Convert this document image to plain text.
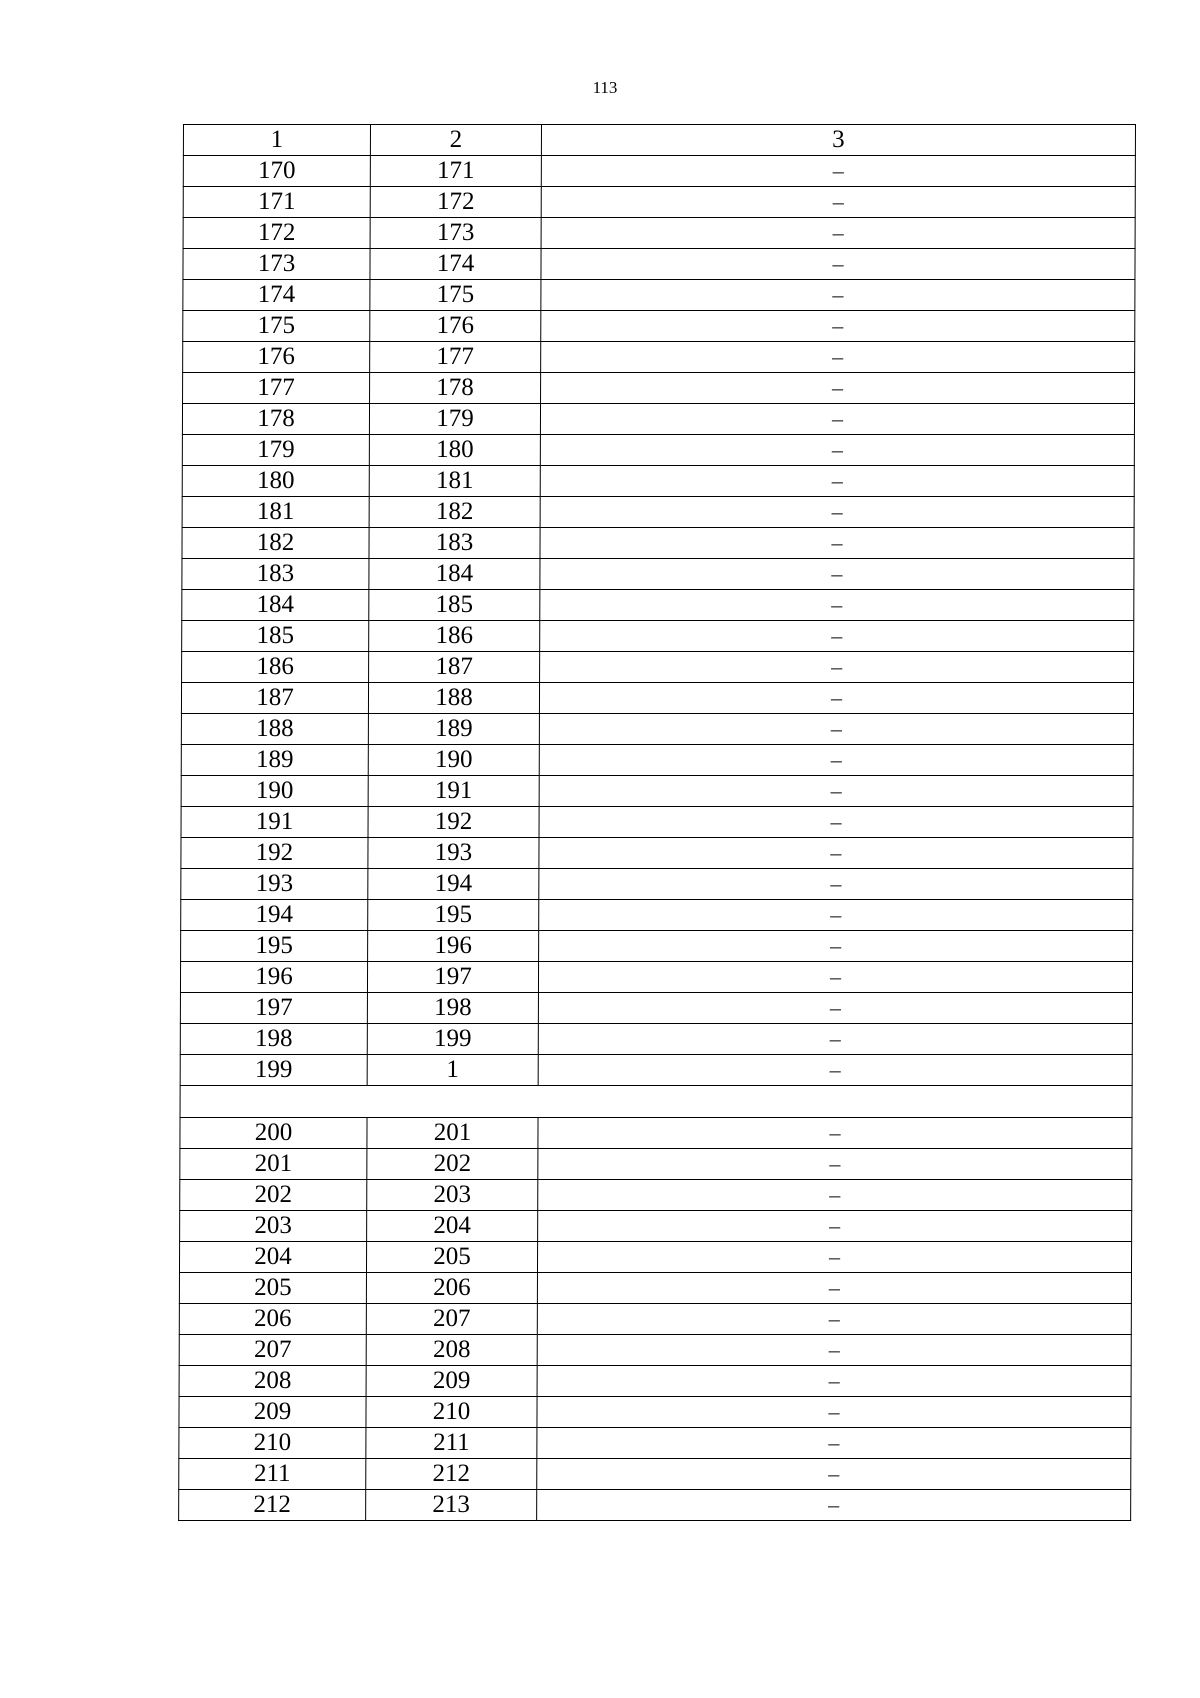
113
1	2	3
170	171	–
171	172	–
172	173	–
173	174	–
174	175	–
175	176	–
176	177	–
177	178	–
178	179	–
179	180	–
180	181	–
181	182	–
182	183	–
183	184	–
184	185	–
185	186	–
186	187	–
187	188	–
188	189	–
189	190	–
190	191	–
191	192	–
192	193	–
193	194	–
194	195	–
195	196	–
196	197	–
197	198	–
198	199	–
199	1	–

200	201	–
201	202	–
202	203	–
203	204	–
204	205	–
205	206	–
206	207	–
207	208	–
208	209	–
209	210	–
210	211	–
211	212	–
212	213	–
